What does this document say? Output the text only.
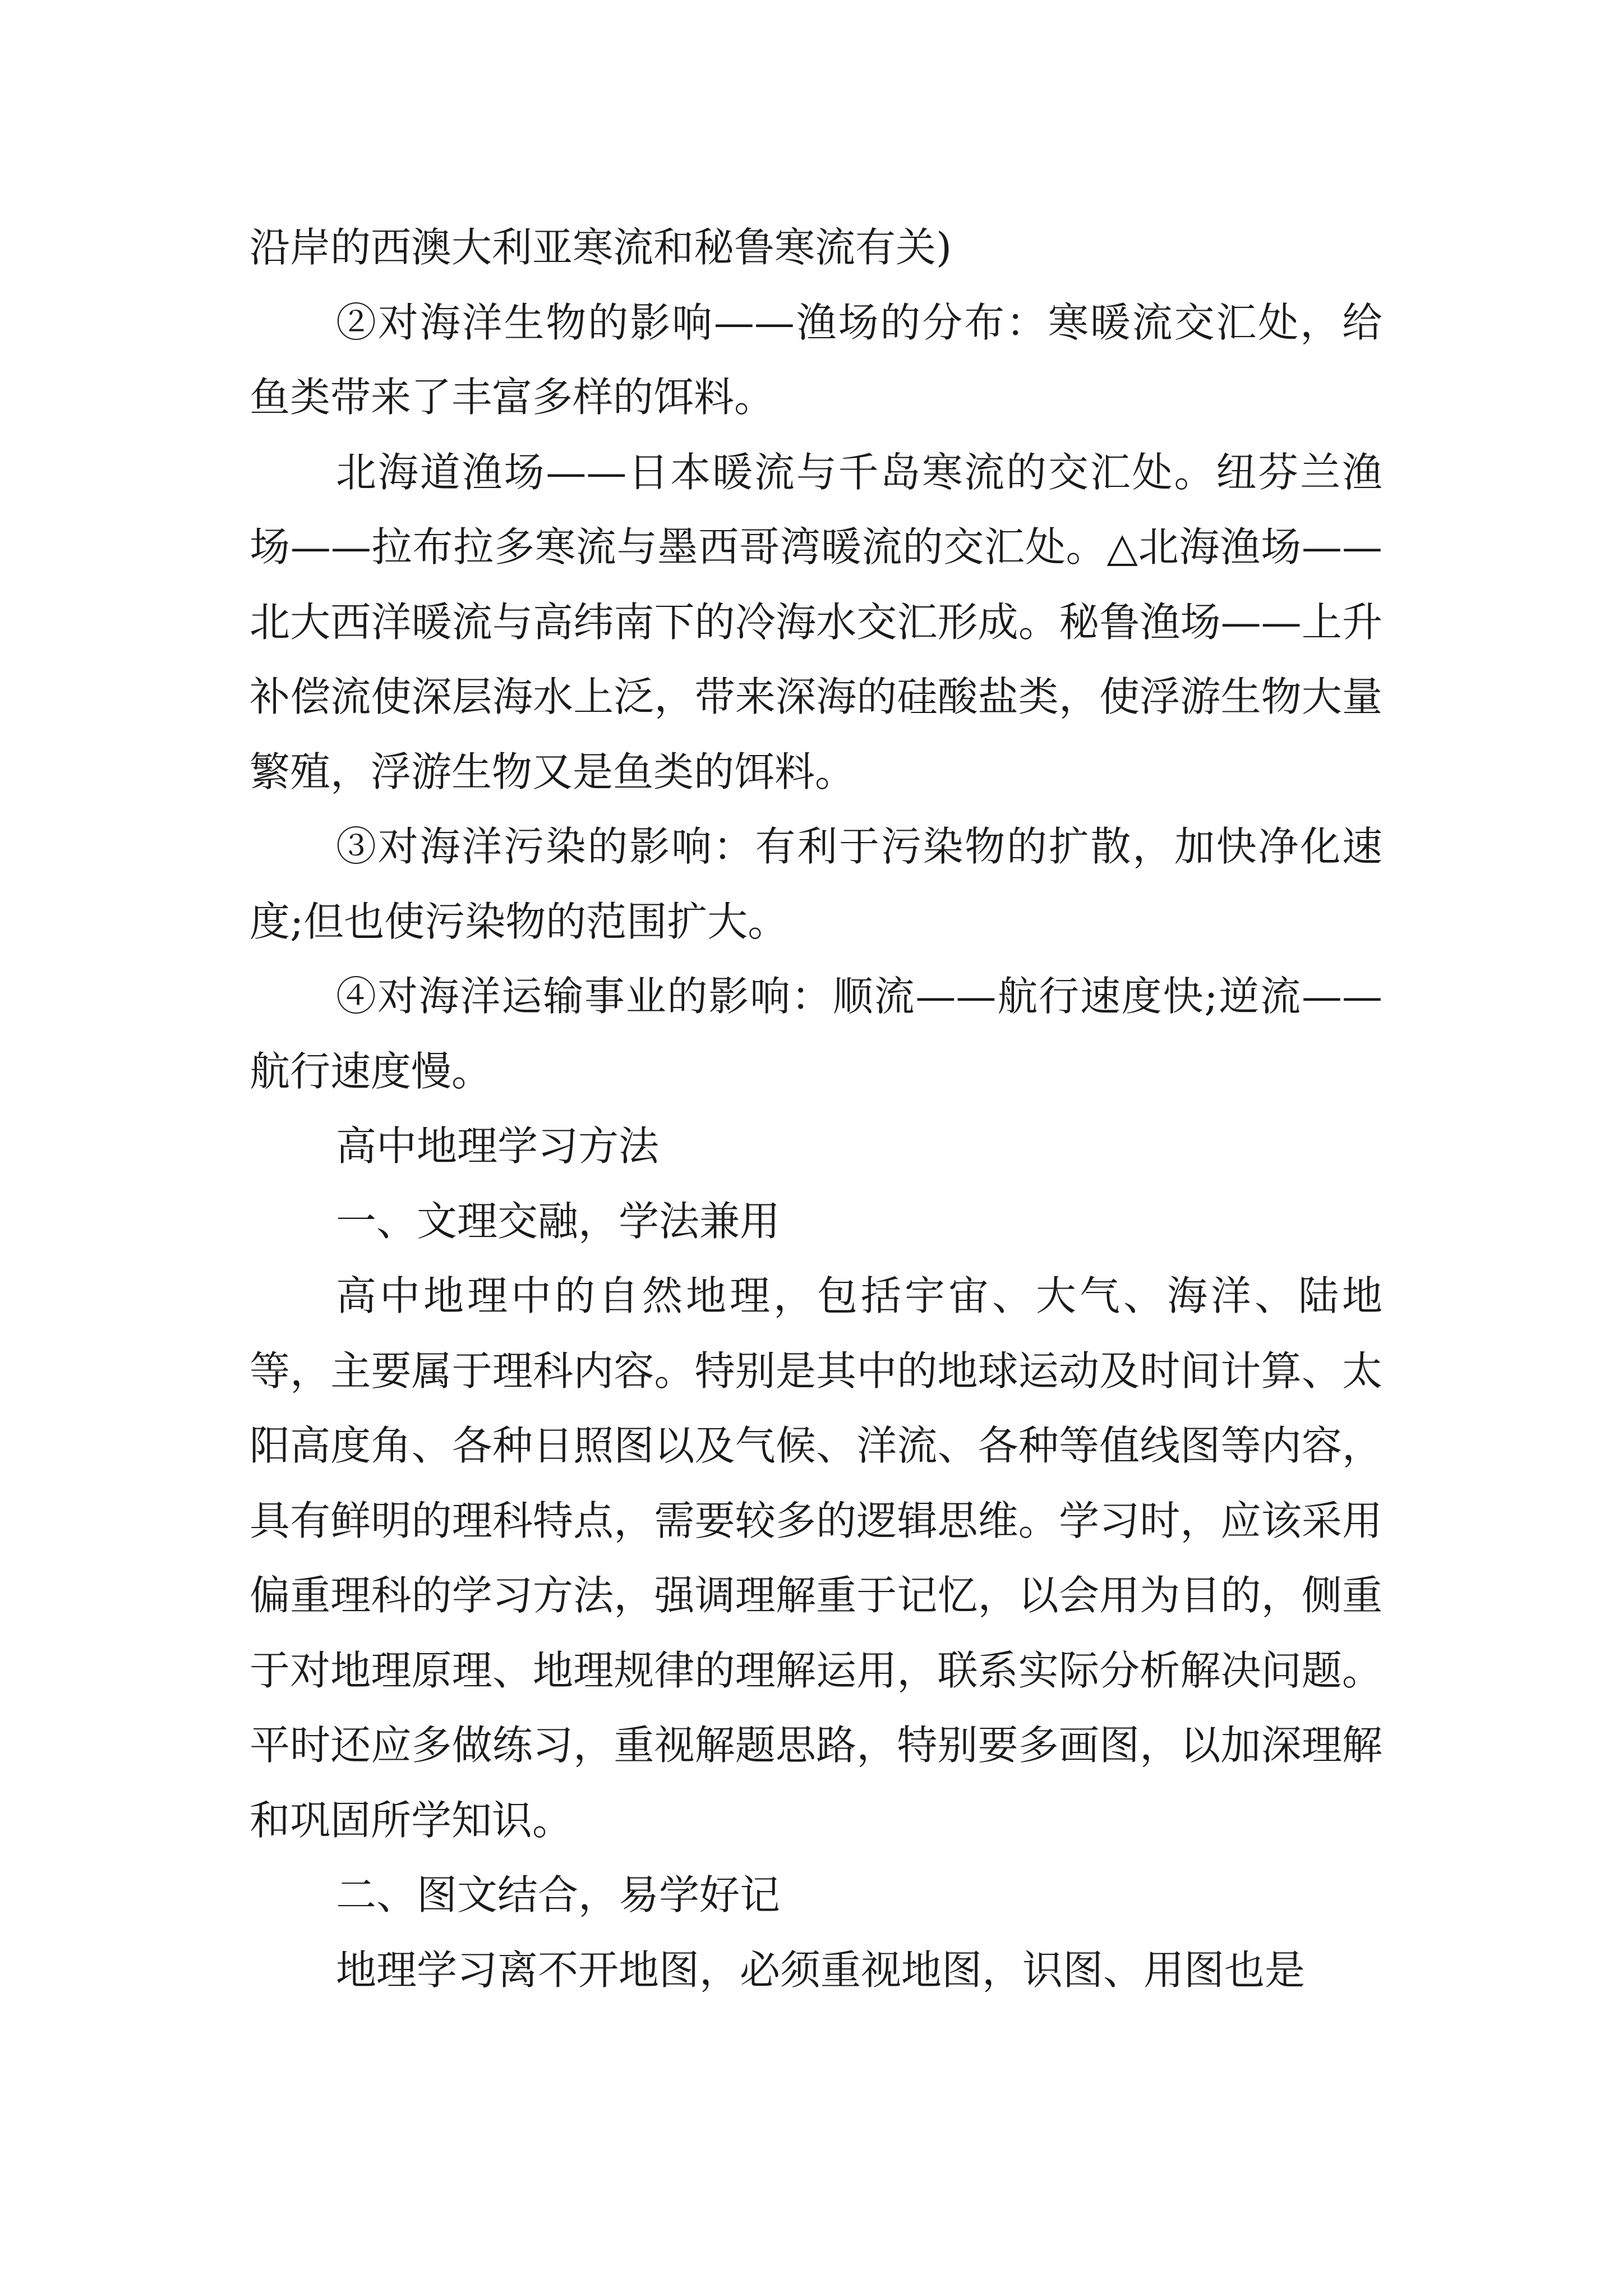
沿岸的西澳大利亚寒流和秘鲁寒流有关)

②对海洋生物的影响——渔场的分布：寒暖流交汇处，给鱼类带来了丰富多样的饵料。

北海道渔场——日本暖流与千岛寒流的交汇处。纽芬兰渔场——拉布拉多寒流与墨西哥湾暖流的交汇处。△北海渔场——北大西洋暖流与高纬南下的冷海水交汇形成。秘鲁渔场——上升补偿流使深层海水上泛，带来深海的硅酸盐类，使浮游生物大量繁殖，浮游生物又是鱼类的饵料。

③对海洋污染的影响：有利于污染物的扩散，加快净化速度;但也使污染物的范围扩大。

④对海洋运输事业的影响：顺流——航行速度快;逆流——航行速度慢。

高中地理学习方法

一、文理交融，学法兼用

高中地理中的自然地理，包括宇宙、大气、海洋、陆地等，主要属于理科内容。特别是其中的地球运动及时间计算、太阳高度角、各种日照图以及气候、洋流、各种等值线图等内容，具有鲜明的理科特点，需要较多的逻辑思维。学习时，应该采用偏重理科的学习方法，强调理解重于记忆，以会用为目的，侧重于对地理原理、地理规律的理解运用，联系实际分析解决问题。平时还应多做练习，重视解题思路，特别要多画图，以加深理解和巩固所学知识。

二、图文结合，易学好记

地理学习离不开地图，必须重视地图，识图、用图也是
